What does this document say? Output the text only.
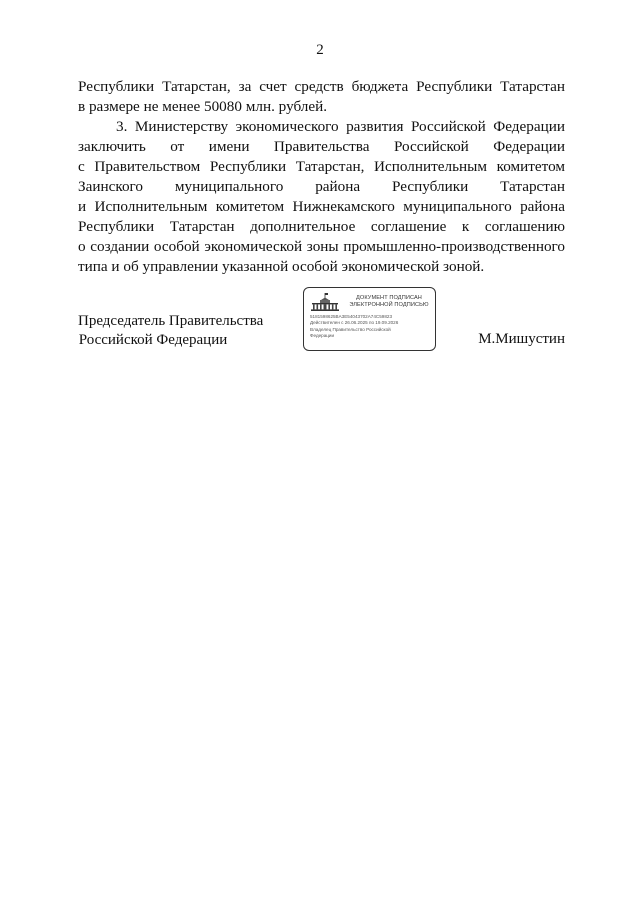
2
Республики Татарстан, за счет средств бюджета Республики Татарстан
в размере не менее 50080 млн. рублей.
3. Министерству экономического развития Российской Федерации
заключить от имени Правительства Российской Федерации
с Правительством Республики Татарстан, Исполнительным комитетом
Заинского муниципального района Республики Татарстан
и Исполнительным комитетом Нижнекамского муниципального района
Республики Татарстан дополнительное соглашение к соглашению
о создании особой экономической зоны промышленно-производственного
типа и об управлении указанной особой экономической зоной.
Председатель Правительства
Российской Федерации
ДОКУМЕНТ ПОДПИСАН
ЭЛЕКТРОННОЙ ПОДПИСЬЮ
5181598625BA3E54043702A74C59823
Действителен с 26.06.2025 по 19.09.2026
Владелец Правительство Российской
Федерации	М.Мишустин
